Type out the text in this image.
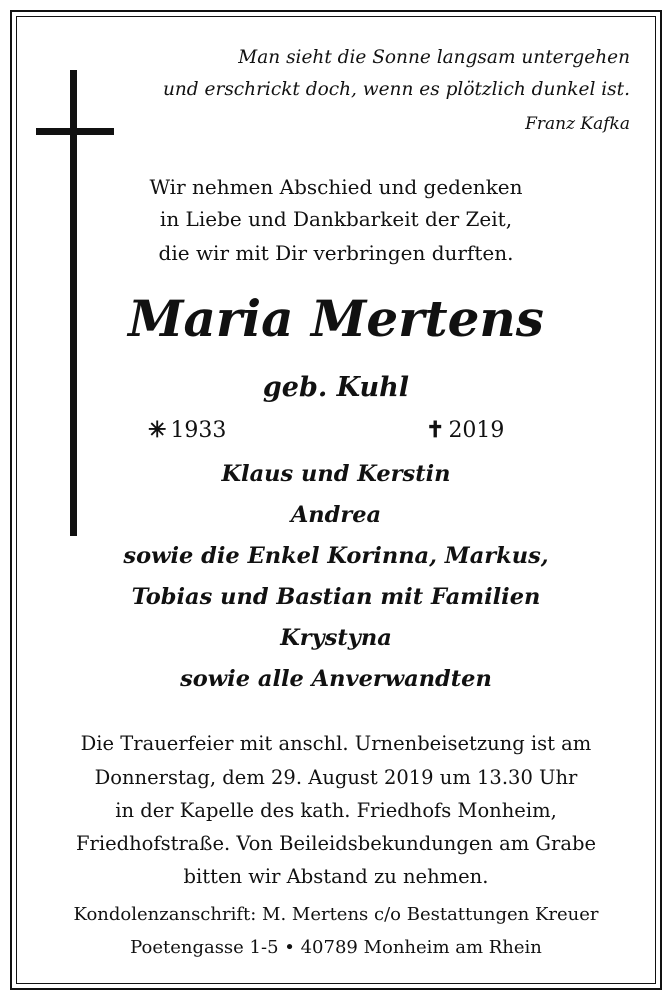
Man sieht die Sonne langsam untergehen
und erschrickt doch, wenn es plötzlich dunkel ist.
Franz Kafka
Wir nehmen Abschied und gedenken
in Liebe und Dankbarkeit der Zeit,
die wir mit Dir verbringen durften.
Maria Mertens
geb. Kuhl
✳ 1933	✝ 2019
Klaus und Kerstin
Andrea
sowie die Enkel Korinna, Markus,
Tobias und Bastian mit Familien
Krystyna
sowie alle Anverwandten
Die Trauerfeier mit anschl. Urnenbeisetzung ist am
Donnerstag, dem 29. August 2019 um 13.30 Uhr
in der Kapelle des kath. Friedhofs Monheim,
Friedhofstraße. Von Beileidsbekundungen am Grabe
bitten wir Abstand zu nehmen.
Kondolenzanschrift: M. Mertens c/o Bestattungen Kreuer
Poetengasse 1-5 • 40789 Monheim am Rhein
